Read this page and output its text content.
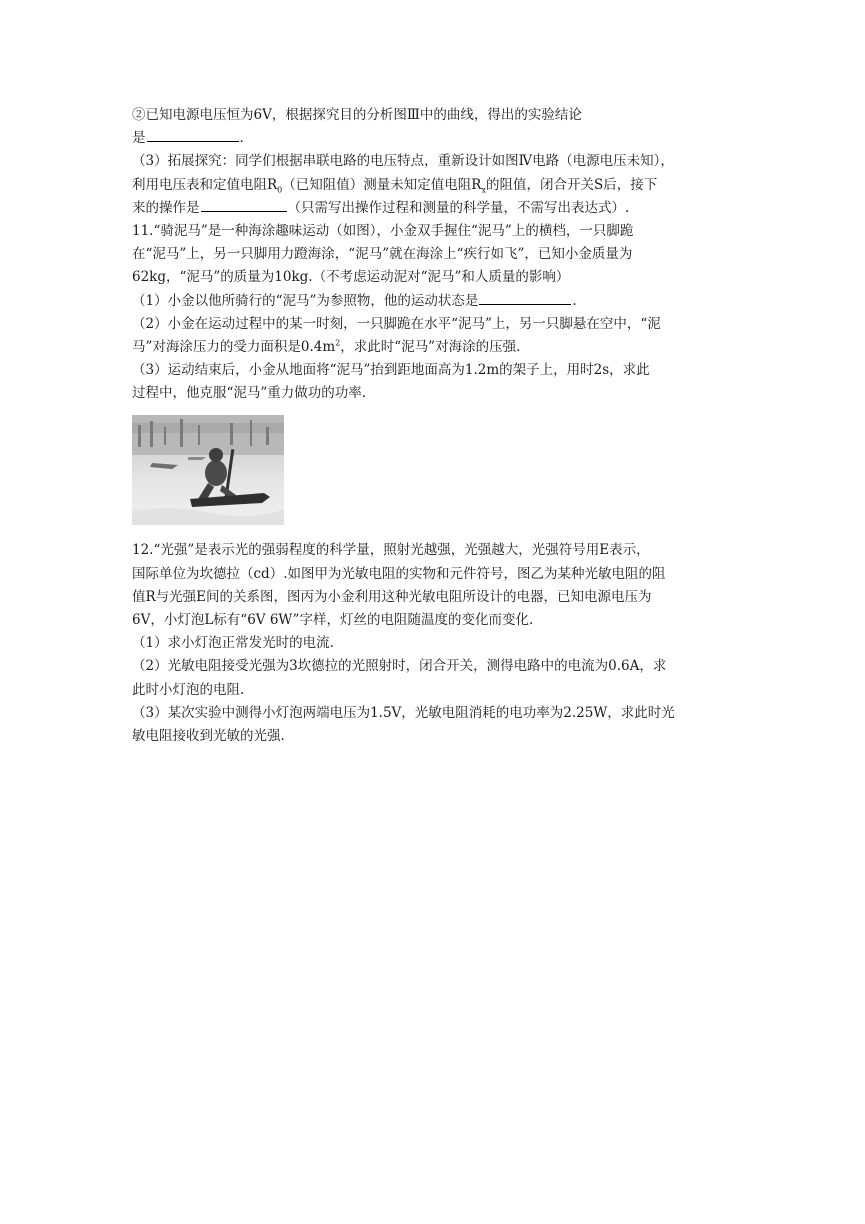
②已知电源电压恒为6V，根据探究目的分析图Ⅲ中的曲线，得出的实验结论
是	.
（3）拓展探究：同学们根据串联电路的电压特点，重新设计如图Ⅳ电路（电源电压未知），
利用电压表和定值电阻$R_0$（已知阻值）测量未知定值电阻$R_x$的阻值，闭合开关S后，接下
来的操作是	（只需写出操作过程和测量的科学量，不需写出表达式）.
11.“骑泥马”是一种海涂趣味运动（如图），小金双手握住“泥马”上的横档，一只脚跪
在“泥马”上，另一只脚用力蹬海涂，“泥马”就在海涂上“疾行如飞”，已知小金质量为
62kg，“泥马”的质量为10kg.（不考虑运动泥对“泥马”和人质量的影响）
（1）小金以他所骑行的“泥马”为参照物，他的运动状态是	.
（2）小金在运动过程中的某一时刻，一只脚跪在水平“泥马”上，另一只脚悬在空中，“泥
马”对海涂压力的受力面积是$0.4m^2$，求此时“泥马”对海涂的压强.
（3）运动结束后，小金从地面将“泥马”抬到距地面高为1.2m的架子上，用时2s，求此
过程中，他克服“泥马”重力做功的功率.
12.“光强”是表示光的强弱程度的科学量，照射光越强，光强越大，光强符号用E表示，
国际单位为坎德拉（cd）.如图甲为光敏电阻的实物和元件符号，图乙为某种光敏电阻的阻
值R与光强E间的关系图，图丙为小金利用这种光敏电阻所设计的电器，已知电源电压为
6V，小灯泡L标有“6V 6W”字样，灯丝的电阻随温度的变化而变化.
（1）求小灯泡正常发光时的电流.
（2）光敏电阻接受光强为3坎德拉的光照射时，闭合开关，测得电路中的电流为0.6A，求
此时小灯泡的电阻.
（3）某次实验中测得小灯泡两端电压为1.5V，光敏电阻消耗的电功率为2.25W，求此时光
敏电阻接收到光敏的光强.
